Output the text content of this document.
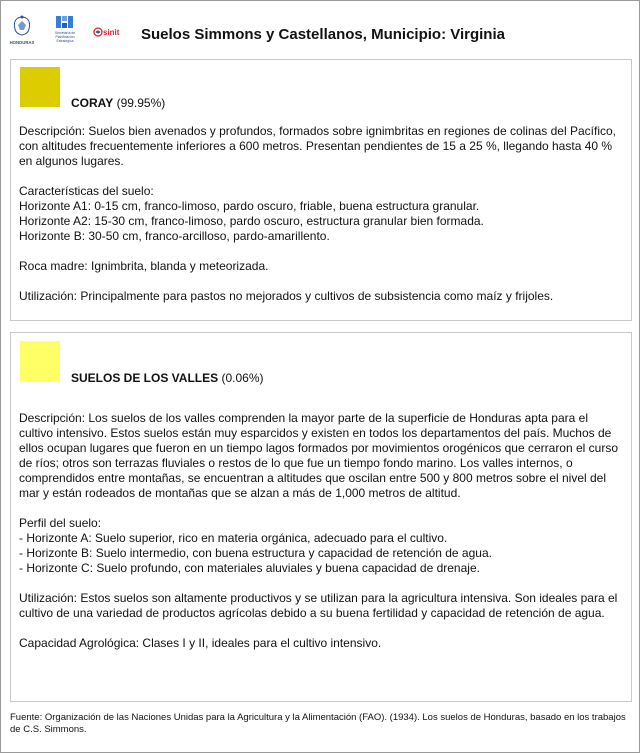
HONDURAS
Secretaría de
Planificación
Estratégica
sinit Suelos Simmons y Castellanos, Municipio: Virginia
CORAY (99.95%)

Descripción: Suelos bien avenados y profundos, formados sobre ignimbritas en regiones de colinas del Pacífico, con altitudes frecuentemente inferiores a 600 metros. Presentan pendientes de 15 a 25 %, llegando hasta 40 % en algunos lugares.

Características del suelo:

Horizonte A1: 0-15 cm, franco-limoso, pardo oscuro, friable, buena estructura granular.

Horizonte A2: 15-30 cm, franco-limoso, pardo oscuro, estructura granular bien formada.

Horizonte B: 30-50 cm, franco-arcilloso, pardo-amarillento.

Roca madre: Ignimbrita, blanda y meteorizada.

Utilización: Principalmente para pastos no mejorados y cultivos de subsistencia como maíz y frijoles.

SUELOS DE LOS VALLES (0.06%)

Descripción: Los suelos de los valles comprenden la mayor parte de la superficie de Honduras apta para el cultivo intensivo. Estos suelos están muy esparcidos y existen en todos los departamentos del país. Muchos de ellos ocupan lugares que fueron en un tiempo lagos formados por movimientos orogénicos que cerraron el curso de ríos; otros son terrazas fluviales o restos de lo que fue un tiempo fondo marino. Los valles internos, o comprendidos entre montañas, se encuentran a altitudes que oscilan entre 500 y 800 metros sobre el nivel del mar y están rodeados de montañas que se alzan a más de 1,000 metros de altitud.

Perfil del suelo:

- Horizonte A: Suelo superior, rico en materia orgánica, adecuado para el cultivo.

- Horizonte B: Suelo intermedio, con buena estructura y capacidad de retención de agua.

- Horizonte C: Suelo profundo, con materiales aluviales y buena capacidad de drenaje.

Utilización: Estos suelos son altamente productivos y se utilizan para la agricultura intensiva. Son ideales para el cultivo de una variedad de productos agrícolas debido a su buena fertilidad y capacidad de retención de agua.

Capacidad Agrológica: Clases I y II, ideales para el cultivo intensivo.

Fuente: Organización de las Naciones Unidas para la Agricultura y la Alimentación (FAO). (1934). Los suelos de Honduras, basado en los trabajos de C.S. Simmons.
